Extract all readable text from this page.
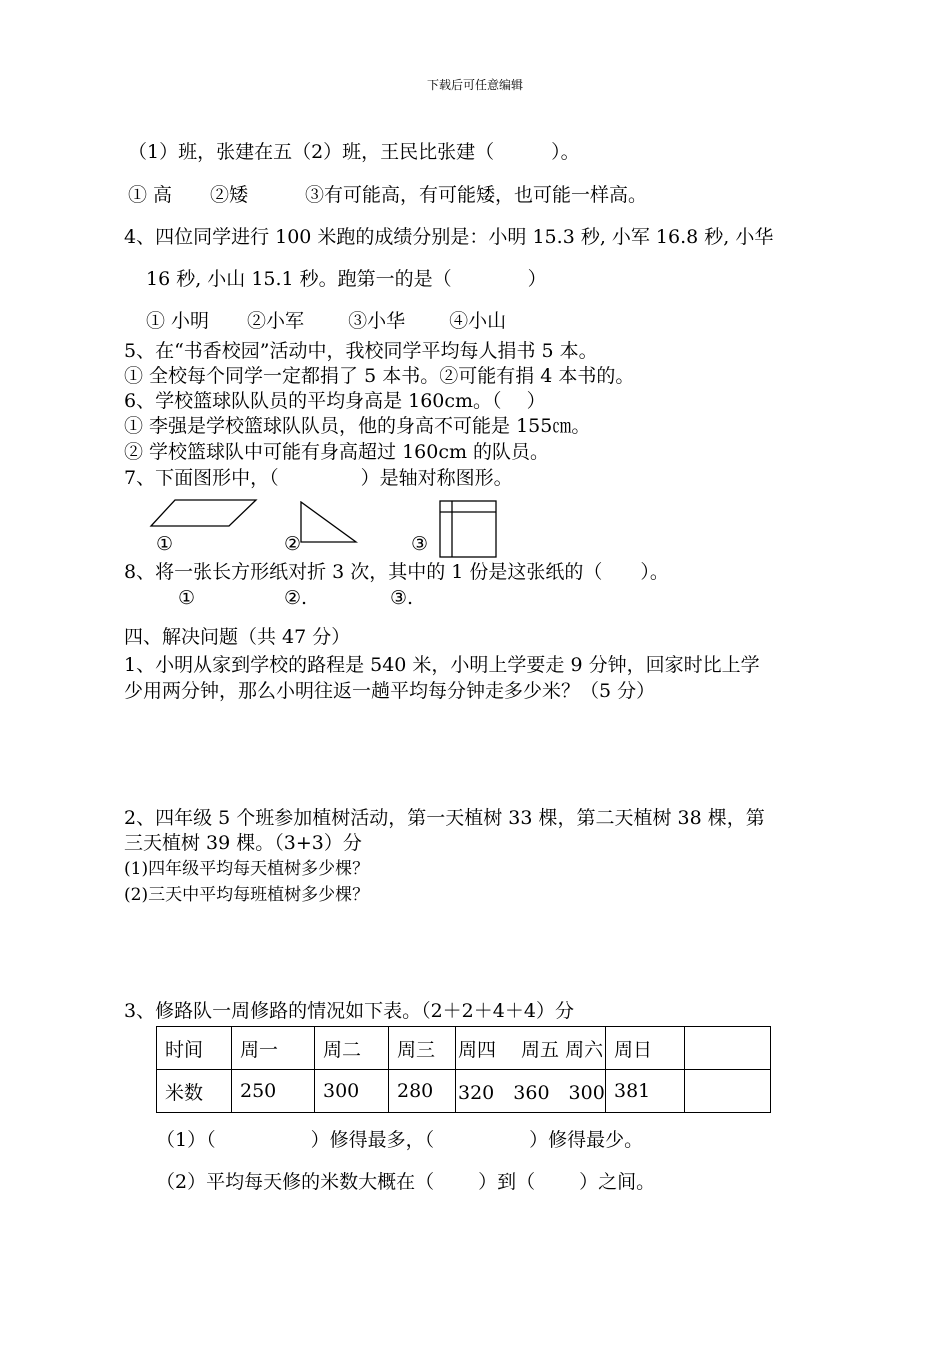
下载后可任意编辑
（1）班，张建在五（2）班，王民比张建（　　　）。
① 高　　②矮　　　③有可能高，有可能矮，也可能一样高。
4、四位同学进行 100 米跑的成绩分别是：小明 15.3 秒, 小军 16.8 秒, 小华
16 秒, 小山 15.1 秒。跑第一的是（　　　　）
① 小明　　②小军　　 ③小华　　 ④小山
5、在“书香校园”活动中，我校同学平均每人捐书 5 本。
① 全校每个同学一定都捐了 5 本书。②可能有捐 4 本书的。
6、学校篮球队队员的平均身高是 160cm。（　 ）
① 李强是学校篮球队队员，他的身高不可能是 155㎝。
② 学校篮球队中可能有身高超过 160cm 的队员。
7、下面图形中，（　　　　 ）是轴对称图形。
①	②	③
8、将一张长方形纸对折 3 次，其中的 1 份是这张纸的（　　）。
①	②.	③.
四、解决问题（共 47 分）
1、小明从家到学校的路程是 540 米，小明上学要走 9 分钟，回家时比上学
少用两分钟，那么小明往返一趟平均每分钟走多少米？（5 分）
2、四年级 5 个班参加植树活动，第一天植树 33 棵，第二天植树 38 棵，第
三天植树 39 棵。（3+3）分
(1)四年级平均每天植树多少棵？
(2)三天中平均每班植树多少棵？
3、修路队一周修路的情况如下表。（2＋2＋4＋4）分
时间	周一	周二	周三	周四　 周五 周六	周日	
米数	250	300	280	320　360　300	381	
（1）（　　　　　）修得最多，（　　　　　）修得最少。
（2）平均每天修的米数大概在（　　 ）到（　　 ）之间。
